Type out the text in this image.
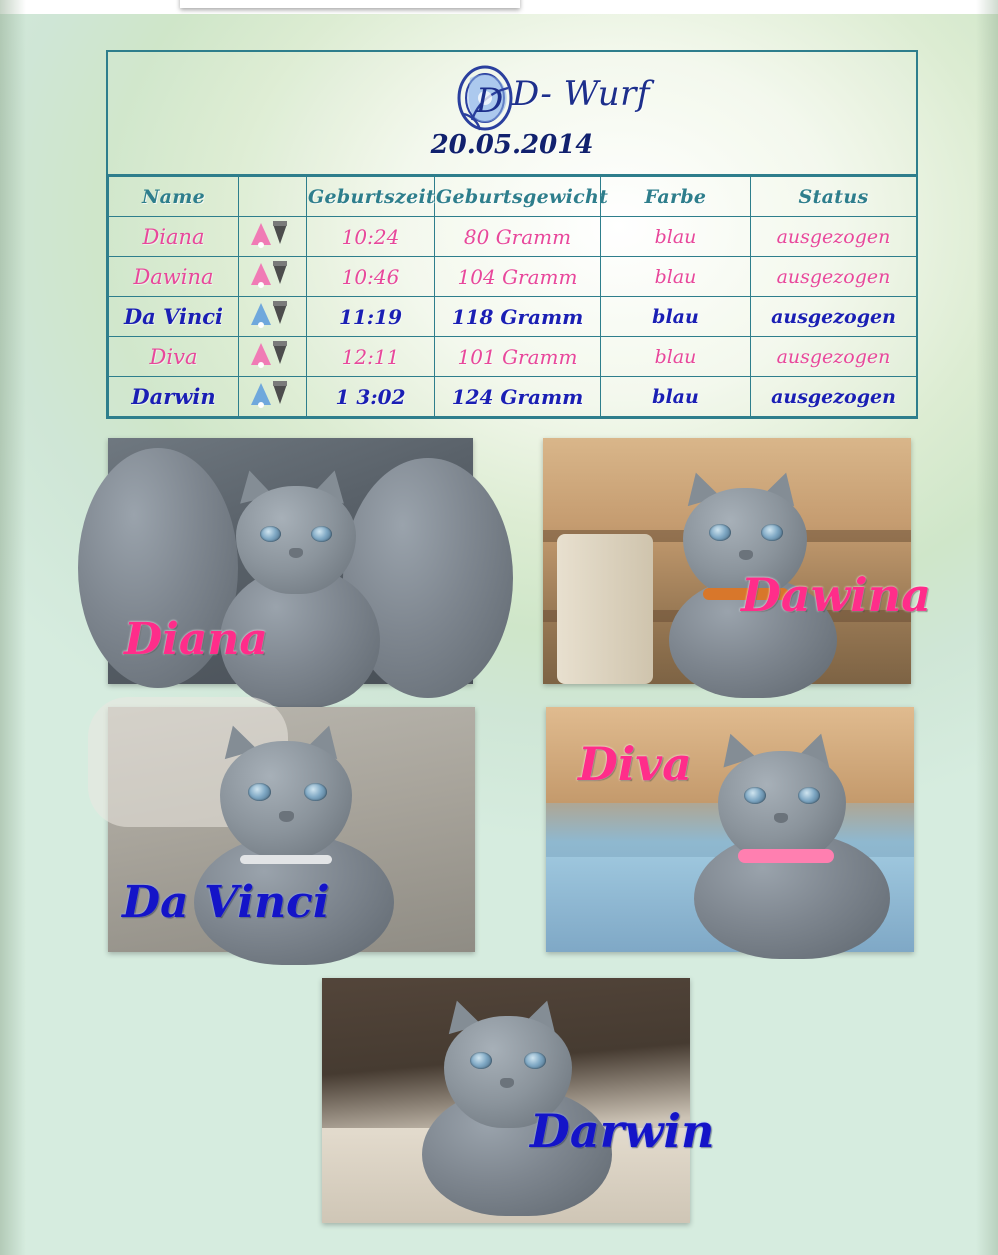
D D- Wurf
20.05.2014
Name		Geburtszeit	Geburtsgewicht	Farbe	Status
Diana		10:24	80 Gramm	blau	ausgezogen
Dawina		10:46	104 Gramm	blau	ausgezogen
Da Vinci		11:19	118 Gramm	blau	ausgezogen
Diva		12:11	101 Gramm	blau	ausgezogen
Darwin		1 3:02	124 Gramm	blau	ausgezogen
Diana
Dawina
Da Vinci
Diva
Darwin
